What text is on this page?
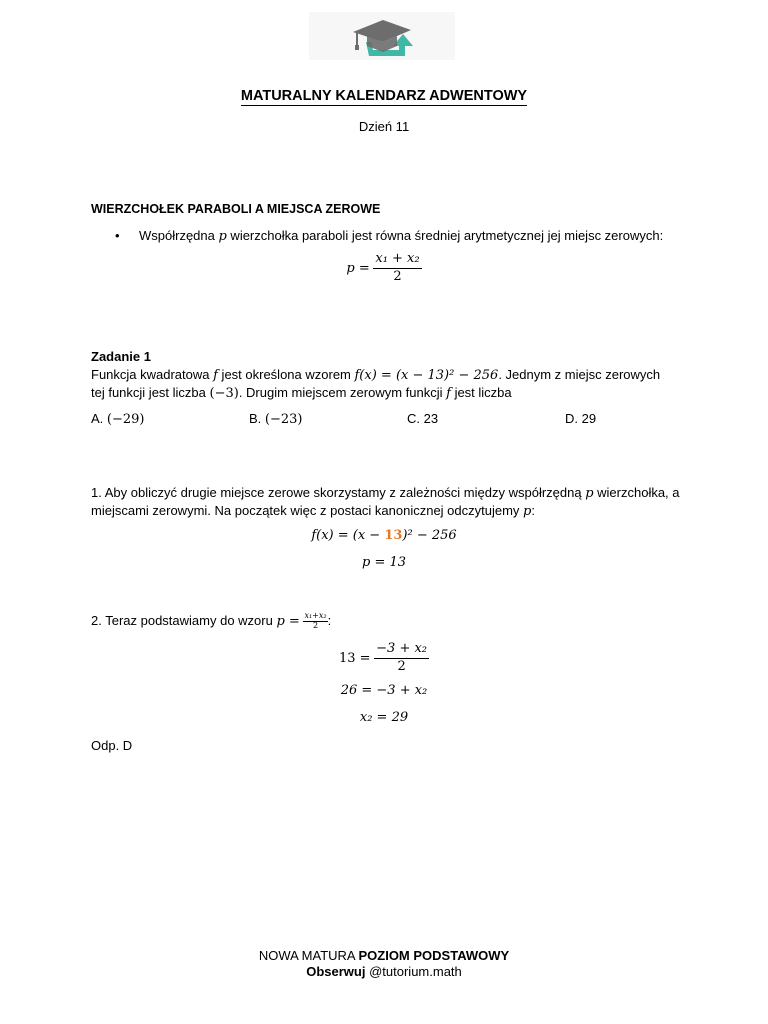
MATURALNY KALENDARZ ADWENTOWY
Dzień 11
WIERZCHOŁEK PARABOLI A MIEJSCA ZEROWE
• Współrzędna p wierzchołka paraboli jest równa średniej arytmetycznej jej miejsc zerowych:
$p = \frac{\text{x₁ + x₂}}{2}$
Zadanie 1
Funkcja kwadratowa f jest określona wzorem f(x) = (x − 13)² − 256. Jednym z miejsc zerowych
tej funkcji jest liczba (−3). Drugim miejscem zerowym funkcji f jest liczba
A. (−29)	B. (−23)	C. 23	D. 29
1. Aby obliczyć drugie miejsce zerowe skorzystamy z zależności między współrzędną p wierzchołka, a
miejscami zerowymi. Na początek więc z postaci kanonicznej odczytujemy p:
f(x) = (x − 13)² − 256
p = 13
2. Teraz podstawiamy do wzoru $p = \frac{\text{x₁+x₂}}{2}$ :
$13 = \frac{\text{−3 + x₂}}{2}$
26 = −3 + x₂
x₂ = 29
Odp. D
NOWA MATURA POZIOM PODSTAWOWY
Obserwuj @tutorium.math
